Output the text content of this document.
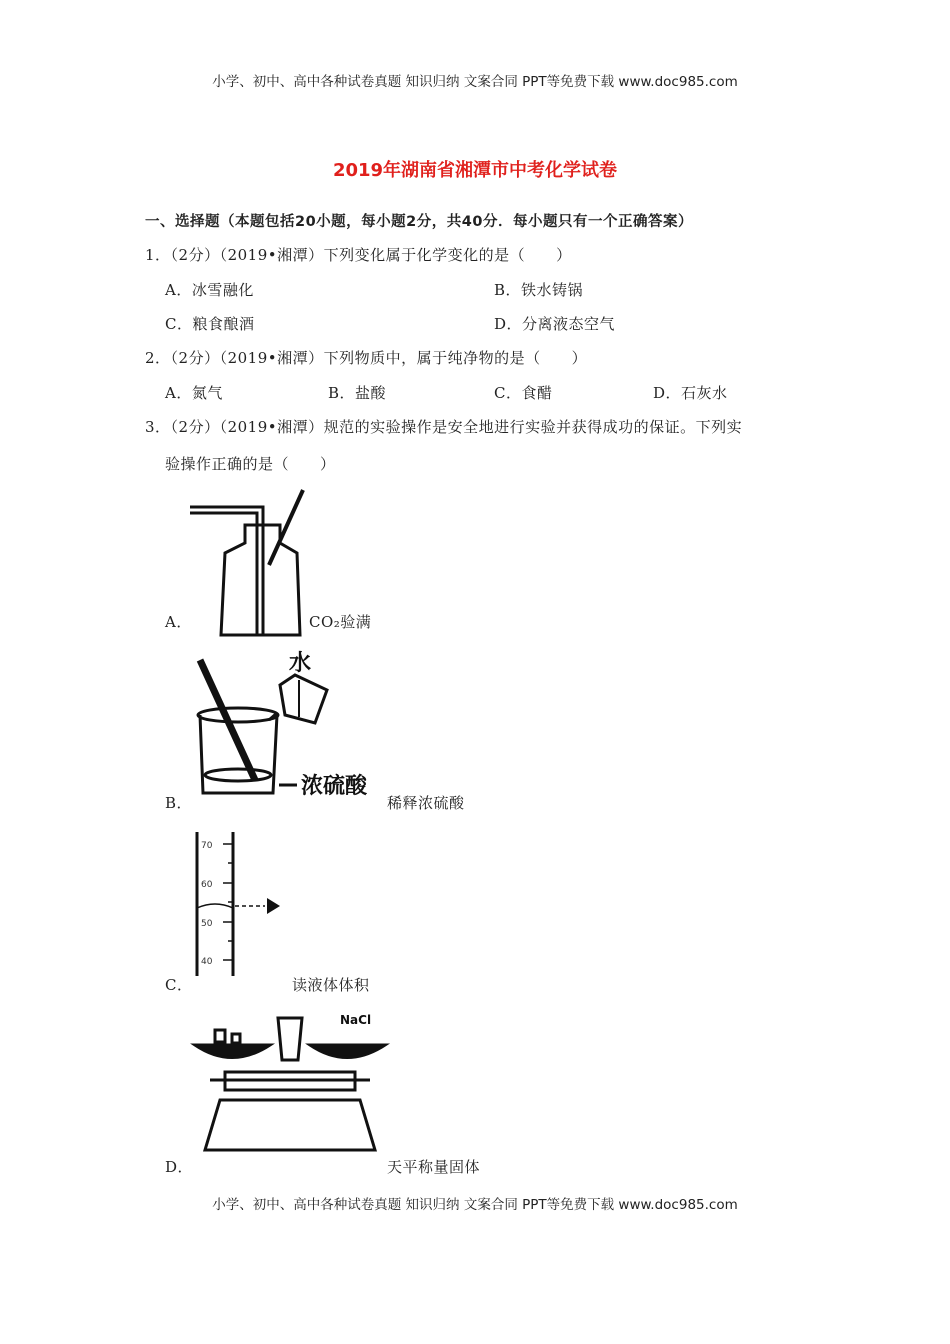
小学、初中、高中各种试卷真题 知识归纳 文案合同 PPT等免费下载 www.doc985.com
2019年湖南省湘潭市中考化学试卷
一、选择题（本题包括20小题，每小题2分，共40分．每小题只有一个正确答案）
1．（2分）（2019•湘潭）下列变化属于化学变化的是（　　）
A．冰雪融化	B．铁水铸锅
C．粮食酿酒	D．分离液态空气
2．（2分）（2019•湘潭）下列物质中，属于纯净物的是（　　）
A．氮气	B．盐酸	C．食醋	D．石灰水
3．（2分）（2019•湘潭）规范的实验操作是安全地进行实验并获得成功的保证。下列实
验操作正确的是（　　）
A．	CO₂验满
水
浓硫酸
B．	稀释浓硫酸
70
60
50
40
C．	读液体体积
NaCl
D．	天平称量固体
小学、初中、高中各种试卷真题 知识归纳 文案合同 PPT等免费下载 www.doc985.com
